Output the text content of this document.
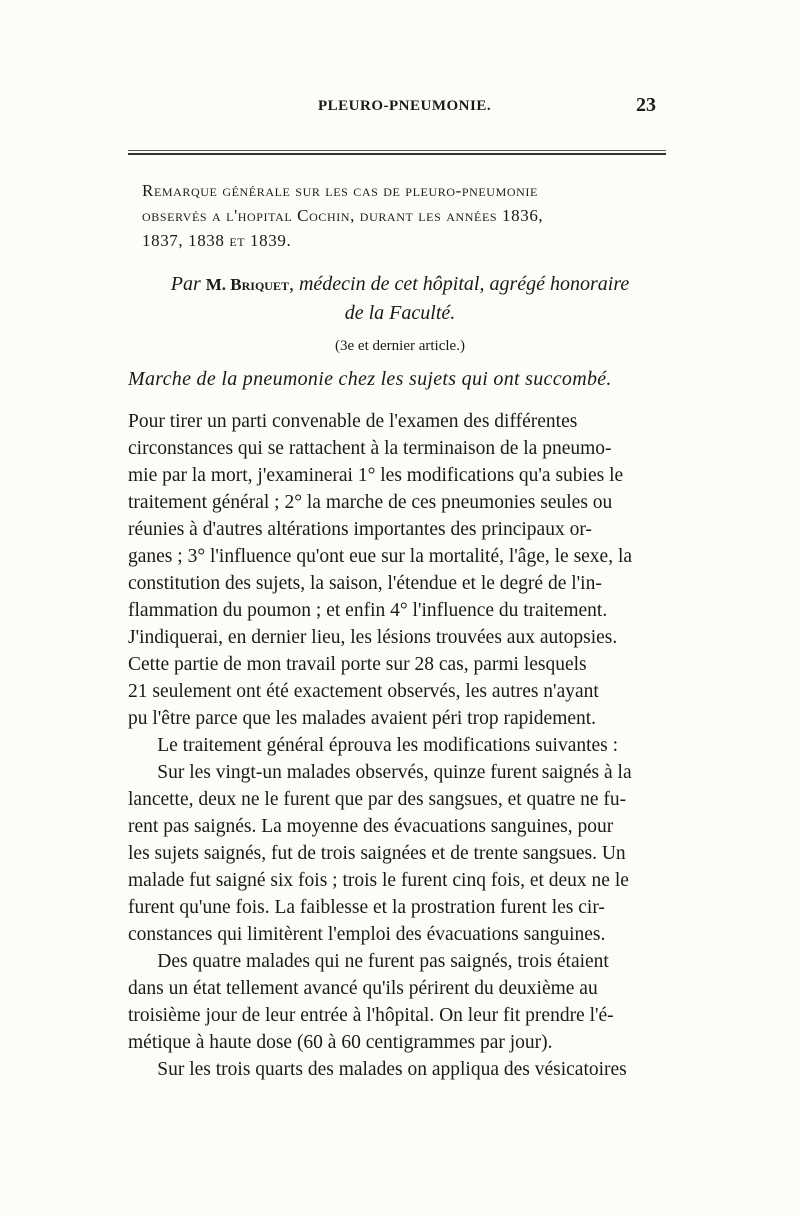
PLEURO-PNEUMONIE.	23
Remarque générale sur les cas de pleuro-pneumonie
observés a l'hopital Cochin, durant les années 1836,
1837, 1838 et 1839.
Par M. Briquet, médecin de cet hôpital, agrégé honoraire
de la Faculté.
(3e et dernier article.)
Marche de la pneumonie chez les sujets qui ont succombé.
Pour tirer un parti convenable de l'examen des différentes
circonstances qui se rattachent à la terminaison de la pneumo-
mie par la mort, j'examinerai 1° les modifications qu'a subies le
traitement général ; 2° la marche de ces pneumonies seules ou
réunies à d'autres altérations importantes des principaux or-
ganes ; 3° l'influence qu'ont eue sur la mortalité, l'âge, le sexe, la
constitution des sujets, la saison, l'étendue et le degré de l'in-
flammation du poumon ; et enfin 4° l'influence du traitement.
J'indiquerai, en dernier lieu, les lésions trouvées aux autopsies.
Cette partie de mon travail porte sur 28 cas, parmi lesquels
21 seulement ont été exactement observés, les autres n'ayant
pu l'être parce que les malades avaient péri trop rapidement.
  Le traitement général éprouva les modifications suivantes :
  Sur les vingt-un malades observés, quinze furent saignés à la
lancette, deux ne le furent que par des sangsues, et quatre ne fu-
rent pas saignés. La moyenne des évacuations sanguines, pour
les sujets saignés, fut de trois saignées et de trente sangsues. Un
malade fut saigné six fois ; trois le furent cinq fois, et deux ne le
furent qu'une fois. La faiblesse et la prostration furent les cir-
constances qui limitèrent l'emploi des évacuations sanguines.
  Des quatre malades qui ne furent pas saignés, trois étaient
dans un état tellement avancé qu'ils périrent du deuxième au
troisième jour de leur entrée à l'hôpital. On leur fit prendre l'é-
métique à haute dose (60 à 60 centigrammes par jour).
  Sur les trois quarts des malades on appliqua des vésicatoires
